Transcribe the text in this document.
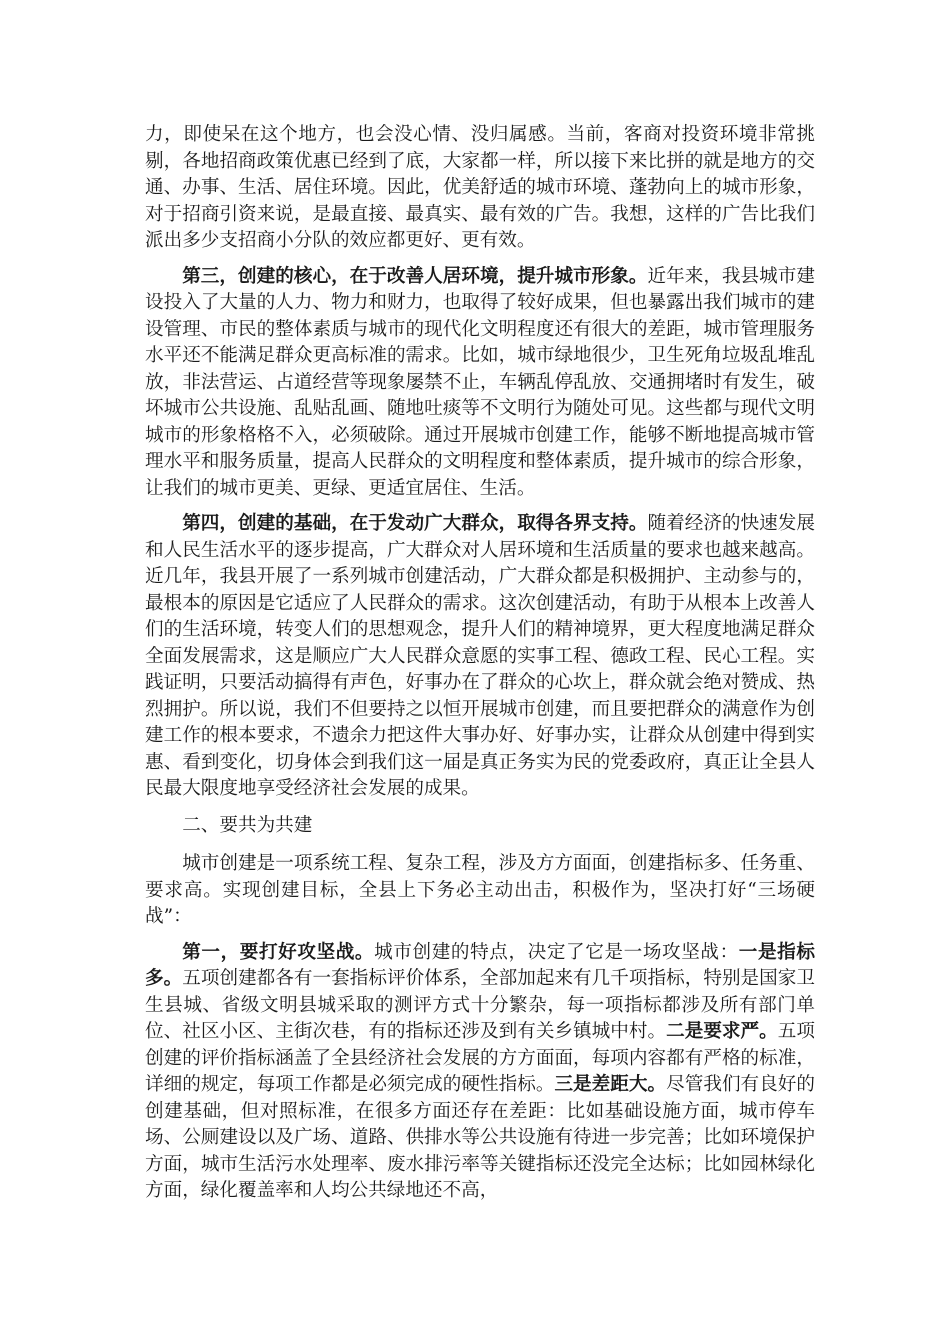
力，即使呆在这个地方，也会没心情、没归属感。当前，客商对投资环境非常挑剔，各地招商政策优惠已经到了底，大家都一样，所以接下来比拼的就是地方的交通、办事、生活、居住环境。因此，优美舒适的城市环境、蓬勃向上的城市形象，对于招商引资来说，是最直接、最真实、最有效的广告。我想，这样的广告比我们派出多少支招商小分队的效应都更好、更有效。

第三，创建的核心，在于改善人居环境，提升城市形象。近年来，我县城市建设投入了大量的人力、物力和财力，也取得了较好成果，但也暴露出我们城市的建设管理、市民的整体素质与城市的现代化文明程度还有很大的差距，城市管理服务水平还不能满足群众更高标准的需求。比如，城市绿地很少，卫生死角垃圾乱堆乱放，非法营运、占道经营等现象屡禁不止，车辆乱停乱放、交通拥堵时有发生，破坏城市公共设施、乱贴乱画、随地吐痰等不文明行为随处可见。这些都与现代文明城市的形象格格不入，必须破除。通过开展城市创建工作，能够不断地提高城市管理水平和服务质量，提高人民群众的文明程度和整体素质，提升城市的综合形象，让我们的城市更美、更绿、更适宜居住、生活。

第四，创建的基础，在于发动广大群众，取得各界支持。随着经济的快速发展和人民生活水平的逐步提高，广大群众对人居环境和生活质量的要求也越来越高。近几年，我县开展了一系列城市创建活动，广大群众都是积极拥护、主动参与的，最根本的原因是它适应了人民群众的需求。这次创建活动，有助于从根本上改善人们的生活环境，转变人们的思想观念，提升人们的精神境界，更大程度地满足群众全面发展需求，这是顺应广大人民群众意愿的实事工程、德政工程、民心工程。实践证明，只要活动搞得有声色，好事办在了群众的心坎上，群众就会绝对赞成、热烈拥护。所以说，我们不但要持之以恒开展城市创建，而且要把群众的满意作为创建工作的根本要求，不遗余力把这件大事办好、好事办实，让群众从创建中得到实惠、看到变化，切身体会到我们这一届是真正务实为民的党委政府，真正让全县人民最大限度地享受经济社会发展的成果。

二、要共为共建

城市创建是一项系统工程、复杂工程，涉及方方面面，创建指标多、任务重、要求高。实现创建目标，全县上下务必主动出击，积极作为，坚决打好“三场硬战”：

第一，要打好攻坚战。城市创建的特点，决定了它是一场攻坚战：一是指标多。五项创建都各有一套指标评价体系，全部加起来有几千项指标，特别是国家卫生县城、省级文明县城采取的测评方式十分繁杂，每一项指标都涉及所有部门单位、社区小区、主街次巷，有的指标还涉及到有关乡镇城中村。二是要求严。五项创建的评价指标涵盖了全县经济社会发展的方方面面，每项内容都有严格的标准，详细的规定，每项工作都是必须完成的硬性指标。三是差距大。尽管我们有良好的创建基础，但对照标准，在很多方面还存在差距：比如基础设施方面，城市停车场、公厕建设以及广场、道路、供排水等公共设施有待进一步完善；比如环境保护方面，城市生活污水处理率、废水排污率等关键指标还没完全达标；比如园林绿化方面，绿化覆盖率和人均公共绿地还不高，
